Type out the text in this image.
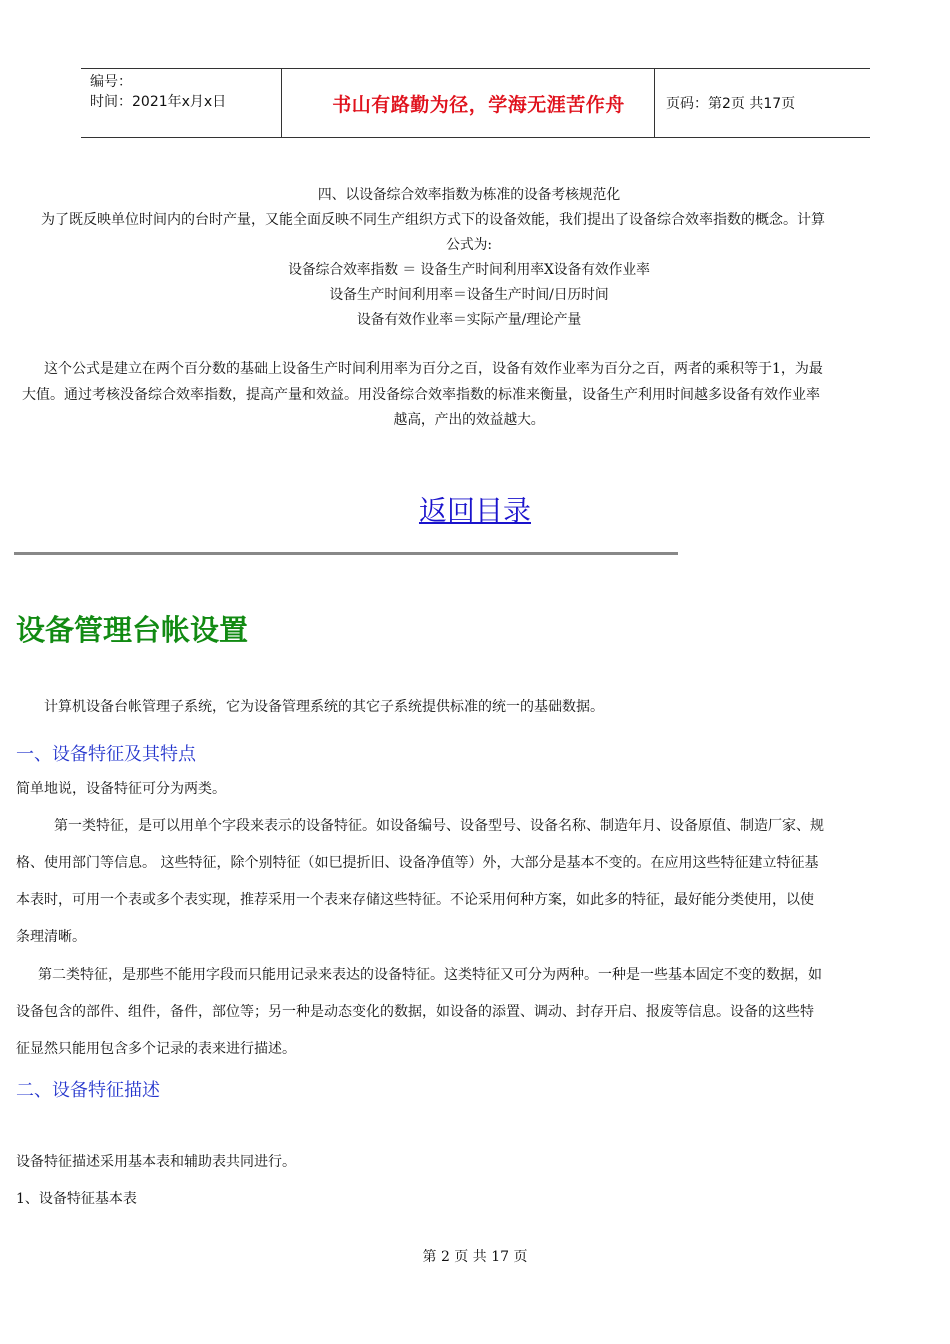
编号：
时间：2021年x月x日	书山有路勤为径，学海无涯苦作舟	页码：第2页 共17页
四、以设备综合效率指数为栋准的设备考核规范化
为了既反映单位时间内的台时产量，又能全面反映不同生产组织方式下的设备效能，我们提出了设备综合效率指数的概念。计算
公式为:
设备综合效率指数 ＝ 设备生产时间利用率X设备有效作业率
设备生产时间利用率＝设备生产时间/日历时间
设备有效作业率＝实际产量/理论产量
这个公式是建立在两个百分数的基础上设备生产时间利用率为百分之百，设备有效作业率为百分之百，两者的乘积等于1，为最
大值。通过考核没备综合效率指数，提高产量和效益。用没备综合效率指数的标准来衡量，设备生产利用时间越多设备有效作业率
越高，产出的效益越大。
返回目录
设备管理台帐设置
计算机设备台帐管理子系统，它为设备管理系统的其它子系统提供标准的统一的基础数据。
一、设备特征及其特点
简单地说，设备特征可分为两类。
第一类特征，是可以用单个字段来表示的设备特征。如设备编号、设备型号、设备名称、制造年月、设备原值、制造厂家、规
格、使用部门等信息。 这些特征，除个别特征（如巳提折旧、设备净值等）外，大部分是基本不变的。在应用这些特征建立特征基
本表时，可用一个表或多个表实现，推荐采用一个表来存储这些特征。不论采用何种方案，如此多的特征，最好能分类使用，以使
条理清晰。
第二类特征，是那些不能用字段而只能用记录来表达的设备特征。这类特征又可分为两种。一种是一些基本固定不变的数据，如
设备包含的部件、组件，备件，部位等；另一种是动态变化的数据，如设备的添置、调动、封存开启、报废等信息。设备的这些特
征显然只能用包含多个记录的表来进行描述。
二、设备特征描述
设备特征描述采用基本表和辅助表共同进行。
1、设备特征基本表
第 2 页 共 17 页
